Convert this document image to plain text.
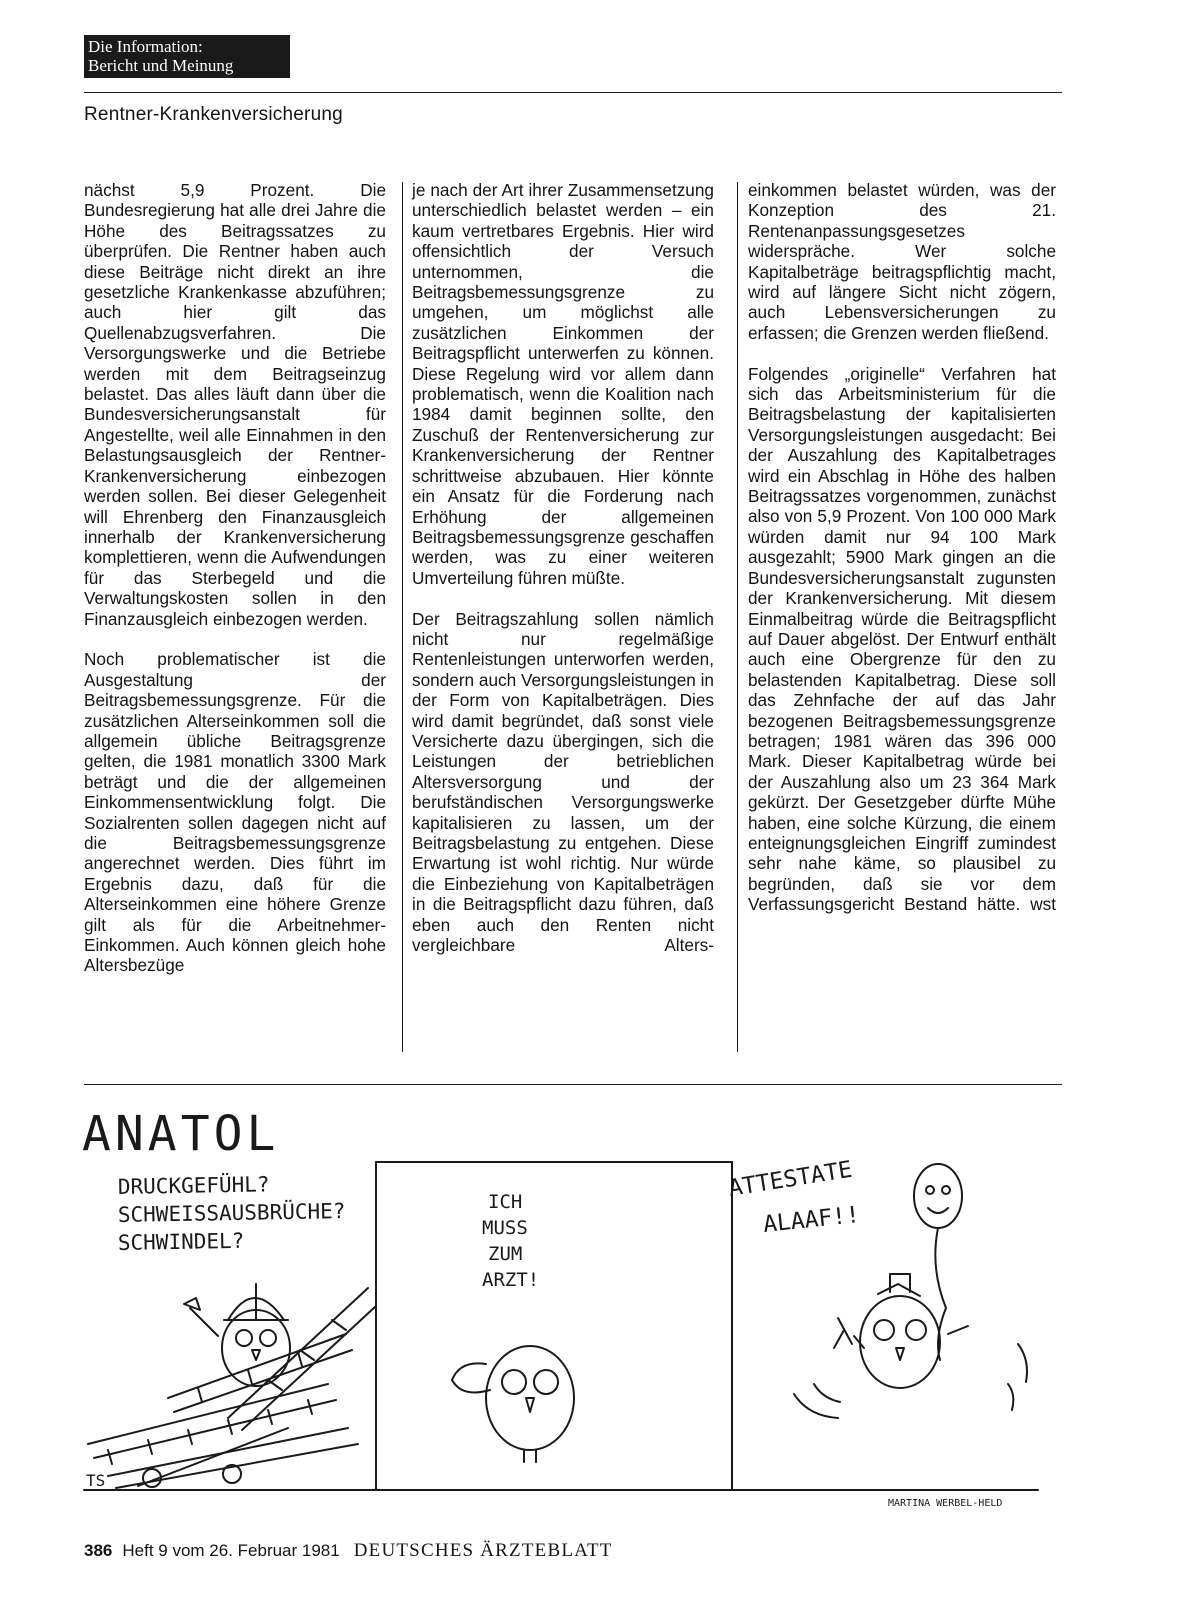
Die Information:
Bericht und Meinung
Rentner-Krankenversicherung

nächst 5,9 Prozent. Die Bundesregierung hat alle drei Jahre die Höhe des Beitragssatzes zu überprüfen. Die Rentner haben auch diese Beiträge nicht direkt an ihre gesetzliche Krankenkasse abzuführen; auch hier gilt das Quellenabzugsverfahren. Die Versorgungswerke und die Betriebe werden mit dem Beitragseinzug belastet. Das alles läuft dann über die Bundesversicherungsanstalt für Angestellte, weil alle Einnahmen in den Belastungsausgleich der Rentner-Krankenversicherung einbezogen werden sollen. Bei dieser Gelegenheit will Ehrenberg den Finanzausgleich innerhalb der Krankenversicherung komplettieren, wenn die Aufwendungen für das Sterbegeld und die Verwaltungskosten sollen in den Finanzausgleich einbezogen werden.

Noch problematischer ist die Ausgestaltung der Beitragsbemessungsgrenze. Für die zusätzlichen Alterseinkommen soll die allgemein übliche Beitragsgrenze gelten, die 1981 monatlich 3300 Mark beträgt und die der allgemeinen Einkommensentwicklung folgt. Die Sozialrenten sollen dagegen nicht auf die Beitragsbemessungsgrenze angerechnet werden. Dies führt im Ergebnis dazu, daß für die Alterseinkommen eine höhere Grenze gilt als für die Arbeitnehmer-Einkommen. Auch können gleich hohe Altersbezüge

je nach der Art ihrer Zusammensetzung unterschiedlich belastet werden – ein kaum vertretbares Ergebnis. Hier wird offensichtlich der Versuch unternommen, die Beitragsbemessungsgrenze zu umgehen, um möglichst alle zusätzlichen Einkommen der Beitragspflicht unterwerfen zu können. Diese Regelung wird vor allem dann problematisch, wenn die Koalition nach 1984 damit beginnen sollte, den Zuschuß der Rentenversicherung zur Krankenversicherung der Rentner schrittweise abzubauen. Hier könnte ein Ansatz für die Forderung nach Erhöhung der allgemeinen Beitragsbemessungsgrenze geschaffen werden, was zu einer weiteren Umverteilung führen müßte.

Der Beitragszahlung sollen nämlich nicht nur regelmäßige Rentenleistungen unterworfen werden, sondern auch Versorgungsleistungen in der Form von Kapitalbeträgen. Dies wird damit begründet, daß sonst viele Versicherte dazu übergingen, sich die Leistungen der betrieblichen Altersversorgung und der berufständischen Versorgungswerke kapitalisieren zu lassen, um der Beitragsbelastung zu entgehen. Diese Erwartung ist wohl richtig. Nur würde die Einbeziehung von Kapitalbeträgen in die Beitragspflicht dazu führen, daß eben auch den Renten nicht vergleichbare Alters-

einkommen belastet würden, was der Konzeption des 21. Rentenanpassungsgesetzes widerspräche. Wer solche Kapitalbeträge beitragspflichtig macht, wird auf längere Sicht nicht zögern, auch Lebensversicherungen zu erfassen; die Grenzen werden fließend.

Folgendes „originelle“ Verfahren hat sich das Arbeitsministerium für die Beitragsbelastung der kapitalisierten Versorgungsleistungen ausgedacht: Bei der Auszahlung des Kapitalbetrages wird ein Abschlag in Höhe des halben Beitragssatzes vorgenommen, zunächst also von 5,9 Prozent. Von 100 000 Mark würden damit nur 94 100 Mark ausgezahlt; 5900 Mark gingen an die Bundesversicherungsanstalt zugunsten der Krankenversicherung. Mit diesem Einmalbeitrag würde die Beitragspflicht auf Dauer abgelöst. Der Entwurf enthält auch eine Obergrenze für den zu belastenden Kapitalbetrag. Diese soll das Zehnfache der auf das Jahr bezogenen Beitragsbemessungsgrenze betragen; 1981 wären das 396 000 Mark. Dieser Kapitalbetrag würde bei der Auszahlung also um 23 364 Mark gekürzt. Der Gesetzgeber dürfte Mühe haben, eine solche Kürzung, die einem enteignungsgleichen Eingriff zumindest sehr nahe käme, so plausibel zu begründen, daß sie vor dem Verfassungsgericht Bestand hätte. wst

ANATOL
DRUCKGEFÜHL?
SCHWEISSAUSBRÜCHE?
SCHWINDEL?
ICH
MUSS
ZUM
ARZT!
ATTESTATE
ALAAF!!
TS
MARTINA WERBEL-HELD
386 Heft 9 vom 26. Februar 1981 DEUTSCHES ÄRZTEBLATT
